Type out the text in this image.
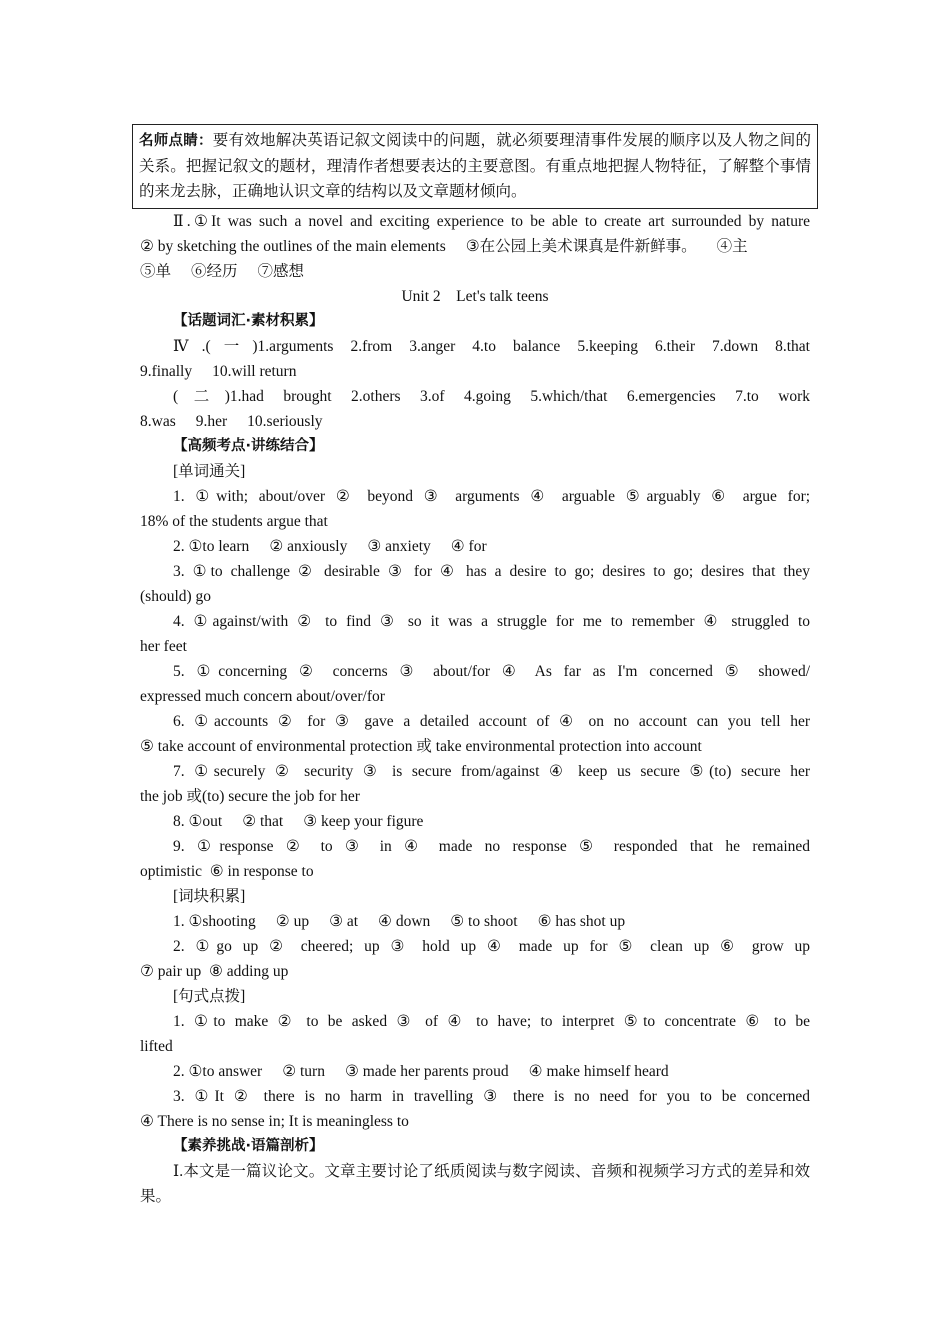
名师点睛：要有效地解决英语记叙文阅读中的问题，就必须要理清事件发展的顺序以及人物之间的关系。把握记叙文的题材，理清作者想要表达的主要意图。有重点地把握人物特征，了解整个事情的来龙去脉，正确地认识文章的结构以及文章题材倾向。
Ⅱ.①It was such a novel and exciting experience to be able to create art surrounded by nature
② by sketching the outlines of the main elements ③在公园上美术课真是件新鲜事。 ④主
⑤单 ⑥经历 ⑦感想
Unit 2    Let's talk teens
【话题词汇·素材积累】
Ⅳ.(一)1.arguments 2.from 3.anger 4.to balance 5.keeping 6.their 7.down 8.that
9.finally 10.will return
(二)1.had brought 2.others 3.of 4.going 5.which/that 6.emergencies 7.to work
8.was 9.her 10.seriously
【高频考点·讲练结合】
[单词通关]
1. ①with; about/over ② beyond ③ arguments ④ arguable ⑤arguably ⑥ argue for;
18% of the students argue that
2. ①to learn ② anxiously ③ anxiety ④ for
3. ①to challenge ② desirable ③ for ④ has a desire to go; desires to go; desires that they
(should) go
4. ①against/with ② to find ③ so it was a struggle for me to remember ④ struggled to
her feet
5. ①concerning ② concerns ③ about/for ④ As far as I'm concerned ⑤ showed/
expressed much concern about/over/for
6. ①accounts ② for ③ gave a detailed account of ④ on no account can you tell her
⑤ take account of environmental protection 或 take environmental protection into account
7. ①securely ② security ③ is secure from/against ④ keep us secure ⑤(to) secure her
the job 或(to) secure the job for her
8. ①out ② that ③ keep your figure
9. ①response ② to ③ in ④ made no response ⑤ responded that he remained
optimistic  ⑥ in response to
[词块积累]
1. ①shooting ② up ③ at ④ down ⑤ to shoot ⑥ has shot up
2. ①go up ② cheered; up ③ hold up ④ made up for ⑤ clean up ⑥ grow up
⑦ pair up  ⑧ adding up
[句式点拨]
1. ①to make ② to be asked ③ of ④ to have; to interpret ⑤to concentrate ⑥ to be
lifted
2. ①to answer ② turn ③ made her parents proud ④ make himself heard
3. ①It ② there is no harm in travelling ③ there is no need for you to be concerned
④ There is no sense in; It is meaningless to
【素养挑战·语篇剖析】
Ⅰ.本文是一篇议论文。文章主要讨论了纸质阅读与数字阅读、音频和视频学习方式的差异和效果。
